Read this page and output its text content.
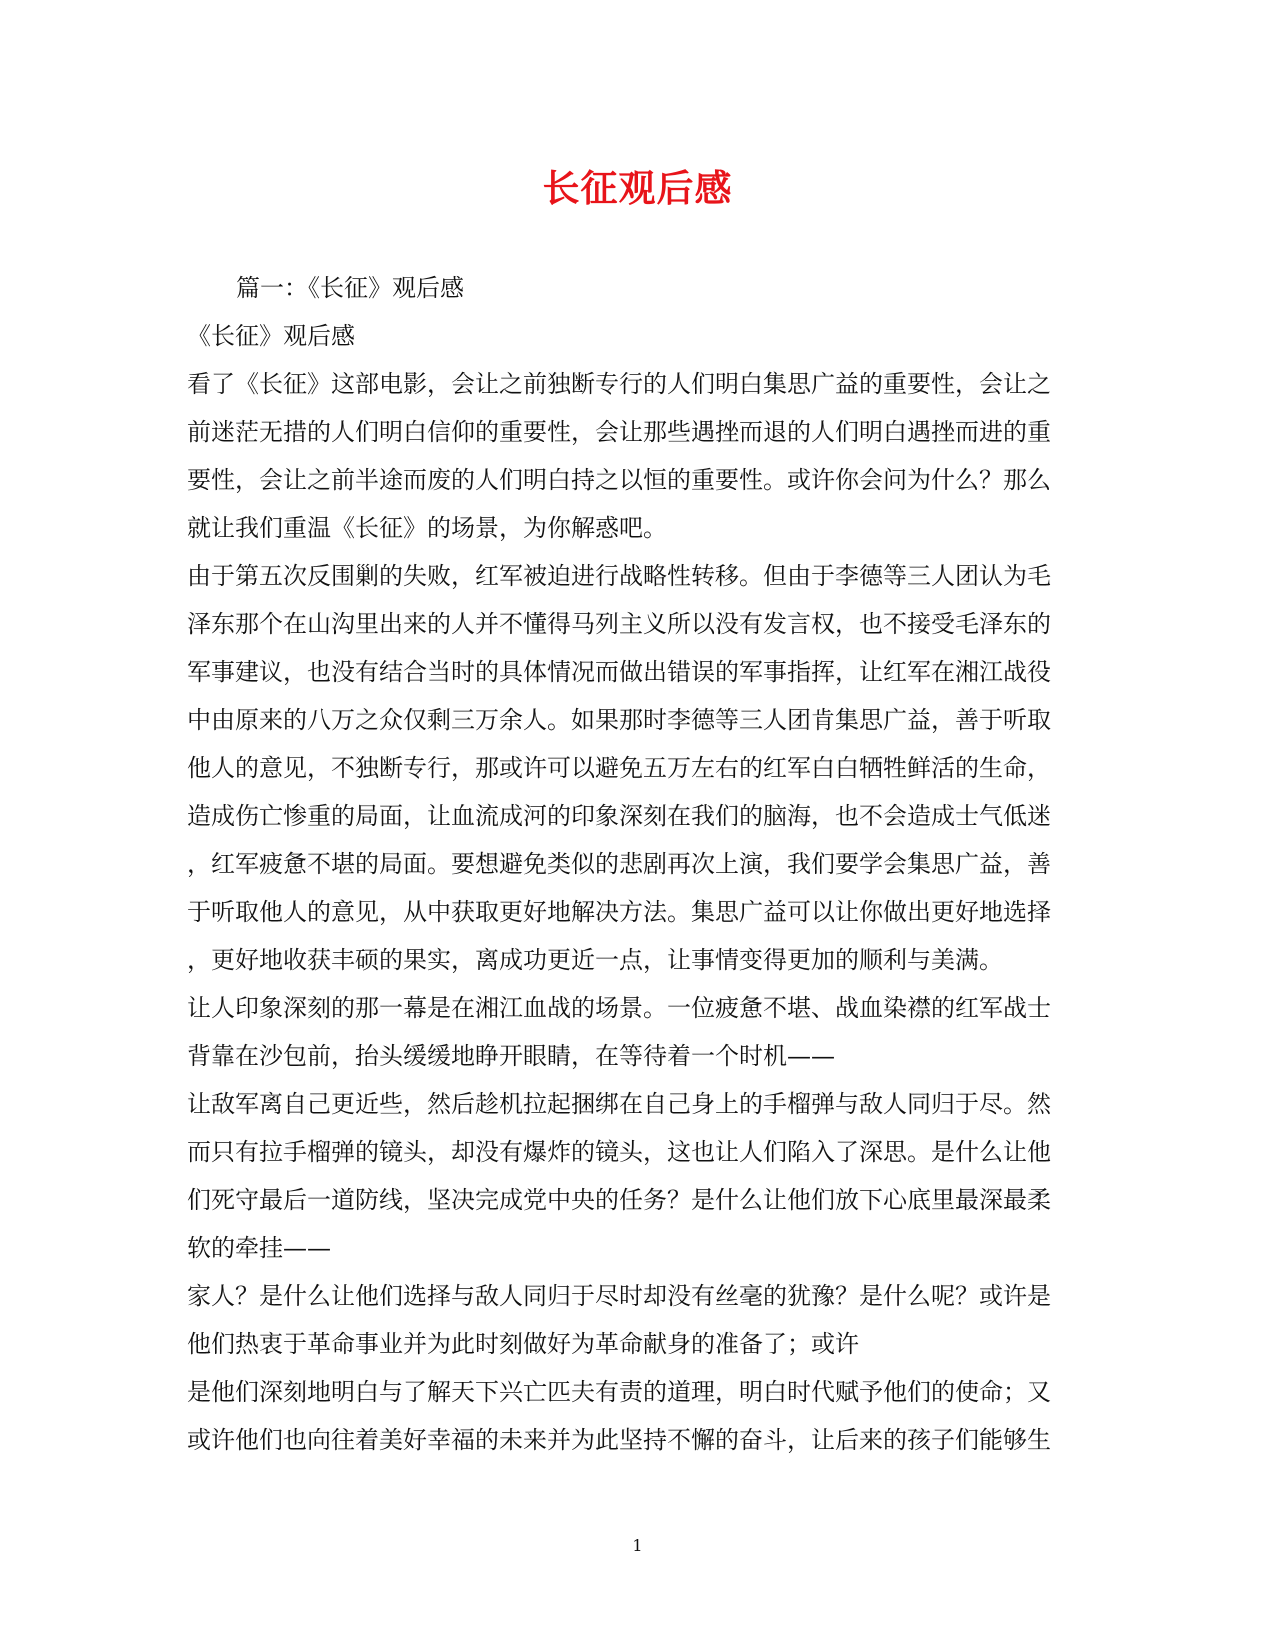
长征观后感
篇一：《长征》观后感
《长征》观后感
看了《长征》这部电影，会让之前独断专行的人们明白集思广益的重要性，会让之
前迷茫无措的人们明白信仰的重要性，会让那些遇挫而退的人们明白遇挫而进的重
要性，会让之前半途而废的人们明白持之以恒的重要性。或许你会问为什么？那么
就让我们重温《长征》的场景，为你解惑吧。
由于第五次反围剿的失败，红军被迫进行战略性转移。但由于李德等三人团认为毛
泽东那个在山沟里出来的人并不懂得马列主义所以没有发言权，也不接受毛泽东的
军事建议，也没有结合当时的具体情况而做出错误的军事指挥，让红军在湘江战役
中由原来的八万之众仅剩三万余人。如果那时李德等三人团肯集思广益，善于听取
他人的意见，不独断专行，那或许可以避免五万左右的红军白白牺牲鲜活的生命，
造成伤亡惨重的局面，让血流成河的印象深刻在我们的脑海，也不会造成士气低迷
，红军疲惫不堪的局面。要想避免类似的悲剧再次上演，我们要学会集思广益，善
于听取他人的意见，从中获取更好地解决方法。集思广益可以让你做出更好地选择
，更好地收获丰硕的果实，离成功更近一点，让事情变得更加的顺利与美满。
让人印象深刻的那一幕是在湘江血战的场景。一位疲惫不堪、战血染襟的红军战士
背靠在沙包前，抬头缓缓地睁开眼睛，在等待着一个时机——
让敌军离自己更近些，然后趁机拉起捆绑在自己身上的手榴弹与敌人同归于尽。然
而只有拉手榴弹的镜头，却没有爆炸的镜头，这也让人们陷入了深思。是什么让他
们死守最后一道防线，坚决完成党中央的任务？是什么让他们放下心底里最深最柔
软的牵挂——
家人？是什么让他们选择与敌人同归于尽时却没有丝毫的犹豫？是什么呢？或许是
他们热衷于革命事业并为此时刻做好为革命献身的准备了；或许
是他们深刻地明白与了解天下兴亡匹夫有责的道理，明白时代赋予他们的使命；又
或许他们也向往着美好幸福的未来并为此坚持不懈的奋斗，让后来的孩子们能够生
1
